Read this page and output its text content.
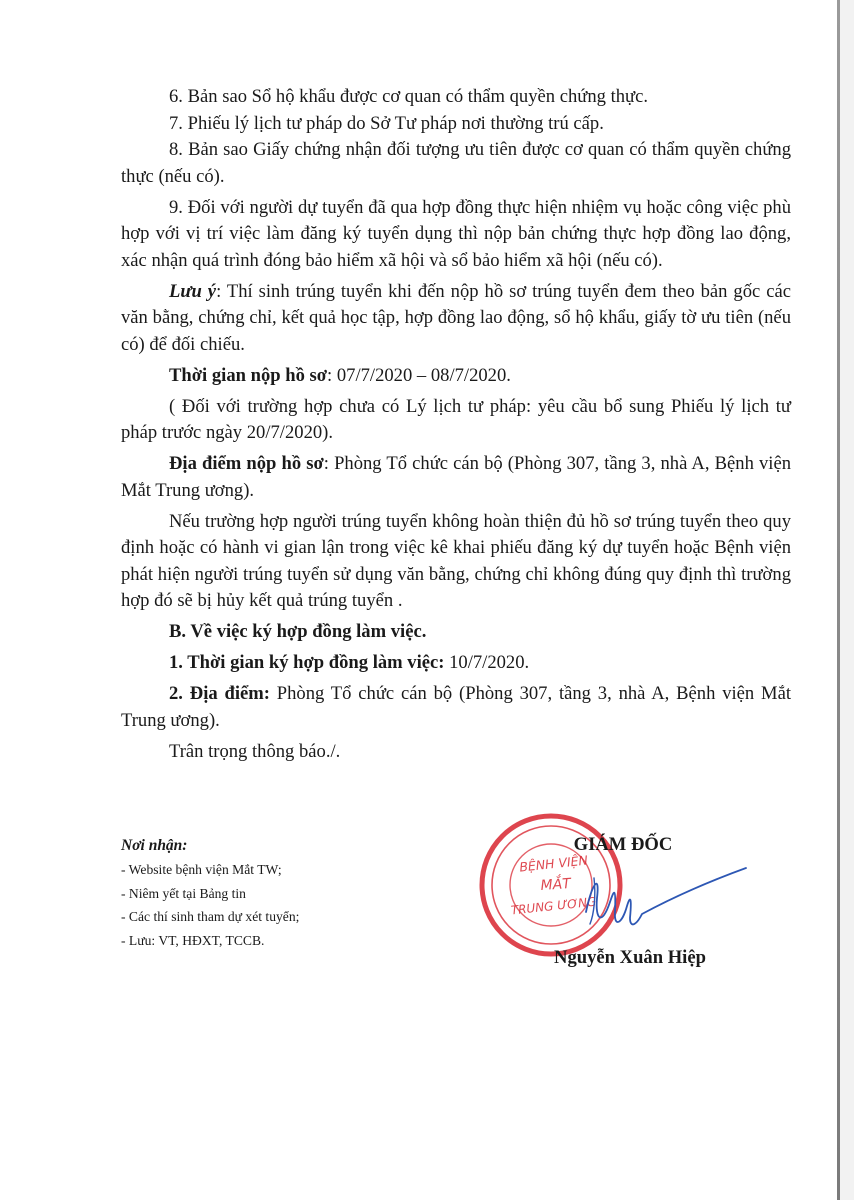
6. Bản sao Sổ hộ khẩu được cơ quan có thẩm quyền chứng thực.

7. Phiếu lý lịch tư pháp do Sở Tư pháp nơi thường trú cấp.

8. Bản sao Giấy chứng nhận đối tượng ưu tiên được cơ quan có thẩm quyền chứng thực (nếu có).

9. Đối với người dự tuyển đã qua hợp đồng thực hiện nhiệm vụ hoặc công việc phù hợp với vị trí việc làm đăng ký tuyển dụng thì nộp bản chứng thực hợp đồng lao động, xác nhận quá trình đóng bảo hiểm xã hội và sổ bảo hiểm xã hội (nếu có).

Lưu ý: Thí sinh trúng tuyển khi đến nộp hồ sơ trúng tuyển đem theo bản gốc các văn bằng, chứng chỉ, kết quả học tập, hợp đồng lao động, sổ hộ khẩu, giấy tờ ưu tiên (nếu có) để đối chiếu.

Thời gian nộp hồ sơ: 07/7/2020 – 08/7/2020.

( Đối với trường hợp chưa có Lý lịch tư pháp: yêu cầu bổ sung Phiếu lý lịch tư pháp trước ngày 20/7/2020).

Địa điểm nộp hồ sơ: Phòng Tổ chức cán bộ (Phòng 307, tầng 3, nhà A, Bệnh viện Mắt Trung ương).

Nếu trường hợp người trúng tuyển không hoàn thiện đủ hồ sơ trúng tuyển theo quy định hoặc có hành vi gian lận trong việc kê khai phiếu đăng ký dự tuyển hoặc Bệnh viện phát hiện người trúng tuyển sử dụng văn bằng, chứng chỉ không đúng quy định thì trường hợp đó sẽ bị hủy kết quả trúng tuyển .

B. Về việc ký hợp đồng làm việc.

1. Thời gian ký hợp đồng làm việc: 10/7/2020.

2. Địa điểm: Phòng Tổ chức cán bộ (Phòng 307, tầng 3, nhà A, Bệnh viện Mắt Trung ương).

Trân trọng thông báo./.

Nơi nhận:
- Website bệnh viện Mắt TW;
- Niêm yết tại Bảng tin
- Các thí sinh tham dự xét tuyển;
- Lưu: VT, HĐXT, TCCB.
BỆNH VIỆN
MẮT
TRUNG ƯƠNG
GIÁM ĐỐC
Nguyễn Xuân Hiệp
